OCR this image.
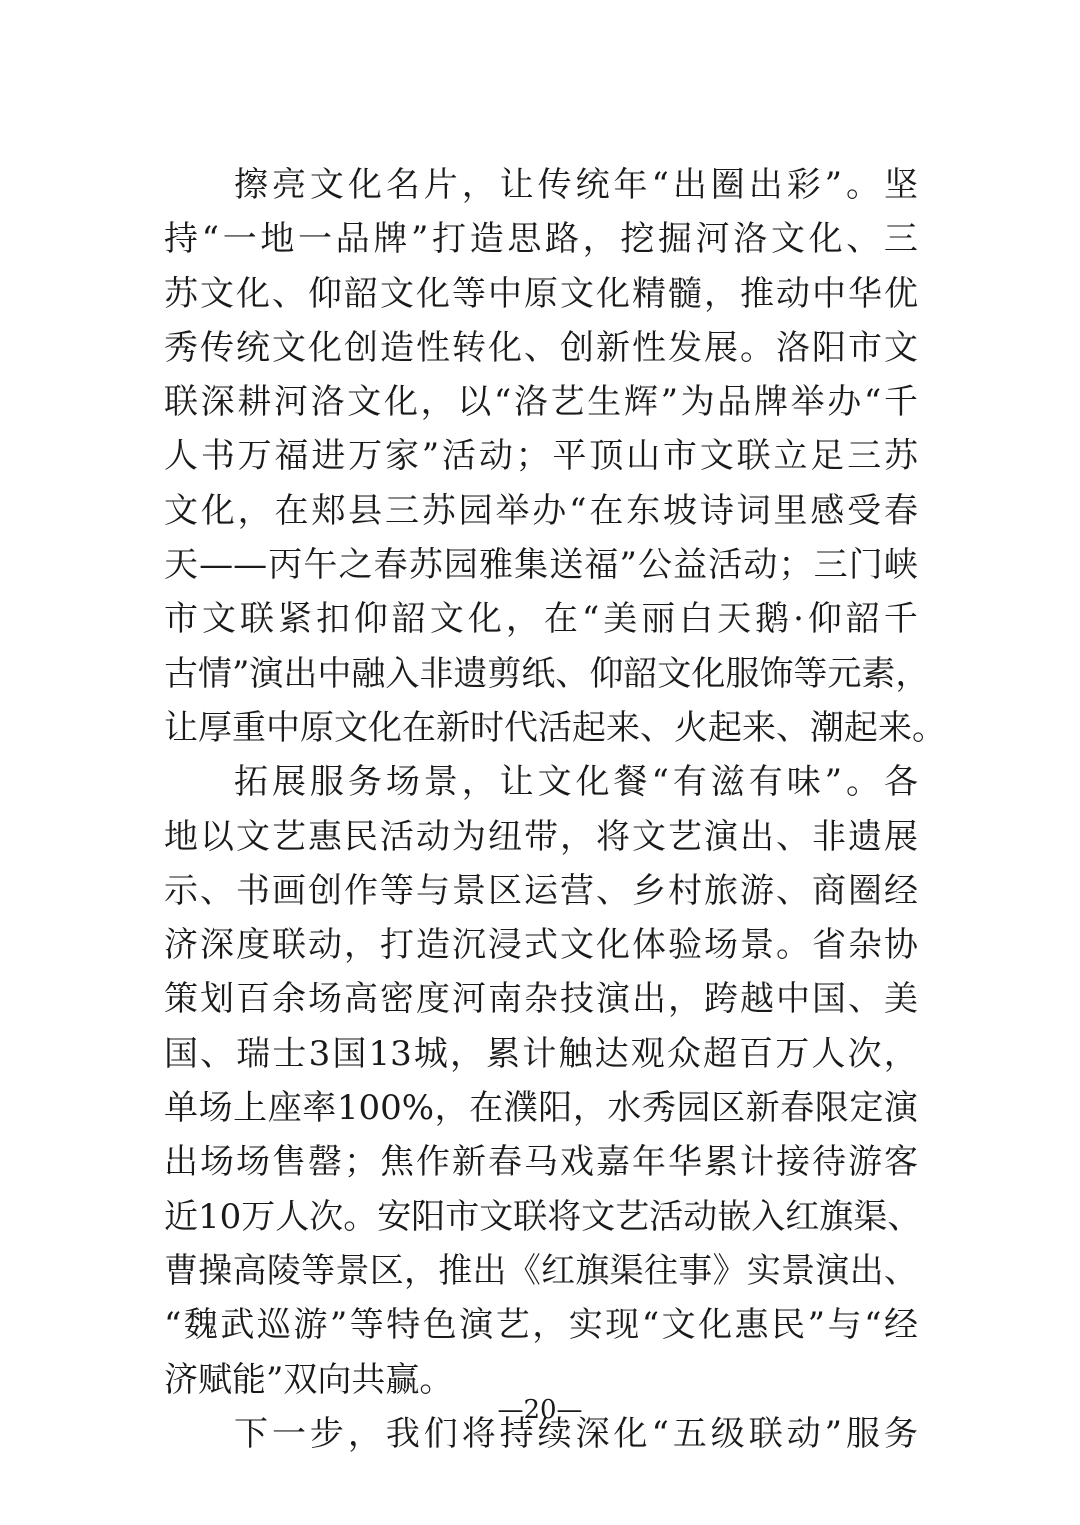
擦 亮 文 化 名 片 ， 让 传 统 年 “ 出 圈 出 彩 ” 。 坚
持 “ 一 地 一 品 牌 ” 打 造 思 路 ， 挖 掘 河 洛 文 化 、 三
苏 文 化 、 仰 韶 文 化 等 中 原 文 化 精 髓 ， 推 动 中 华 优
秀 传 统 文 化 创 造 性 转 化 、 创 新 性 发 展 。 洛 阳 市 文
联 深 耕 河 洛 文 化 ， 以 “ 洛 艺 生 辉 ” 为 品 牌 举 办 “ 千
人 书 万 福 进 万 家 ” 活 动 ； 平 顶 山 市 文 联 立 足 三 苏
文 化 ， 在 郏 县 三 苏 园 举 办 “ 在 东 坡 诗 词 里 感 受 春
天 —— 丙 午 之 春 苏 园 雅 集 送 福 ” 公 益 活 动 ； 三 门 峡
市 文 联 紧 扣 仰 韶 文 化 ， 在 “ 美 丽 白 天 鹅 · 仰 韶 千
古 情 ” 演 出 中 融 入 非 遗 剪 纸 、 仰 韶 文 化 服 饰 等 元 素 ，
让 厚 重 中 原 文 化 在 新 时 代 活 起 来 、 火 起 来 、 潮 起 来 。
拓 展 服 务 场 景 ， 让 文 化 餐 “ 有 滋 有 味 ” 。 各
地 以 文 艺 惠 民 活 动 为 纽 带 ， 将 文 艺 演 出 、 非 遗 展
示 、 书 画 创 作 等 与 景 区 运 营 、 乡 村 旅 游 、 商 圈 经
济 深 度 联 动 ， 打 造 沉 浸 式 文 化 体 验 场 景 。 省 杂 协
策 划 百 余 场 高 密 度 河 南 杂 技 演 出 ， 跨 越 中 国 、 美
国 、 瑞 士 3 国 13 城 ， 累 计 触 达 观 众 超 百 万 人 次 ，
单 场 上 座 率 100% ， 在 濮 阳 ， 水 秀 园 区 新 春 限 定 演
出 场 场 售 罄 ； 焦 作 新 春 马 戏 嘉 年 华 累 计 接 待 游 客
近 10 万 人 次 。 安 阳 市 文 联 将 文 艺 活 动 嵌 入 红 旗 渠 、
曹 操 高 陵 等 景 区 ， 推 出 《 红 旗 渠 往 事 》 实 景 演 出 、
“ 魏 武 巡 游 ” 等 特 色 演 艺 ， 实 现 “ 文 化 惠 民 ” 与 “ 经
济赋能”双向共赢。
下 一 步 ， 我 们 将 持 续 深 化 “ 五 级 联 动 ” 服 务
—20—
